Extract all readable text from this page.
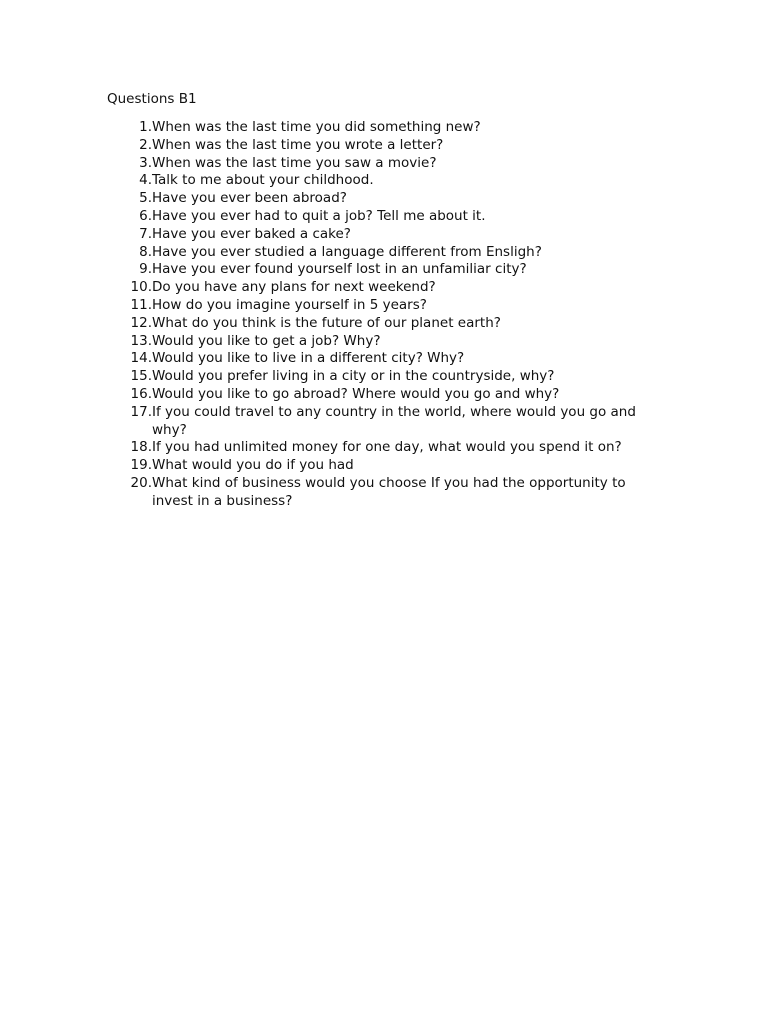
Questions B1
1. When was the last time you did something new?
2. When was the last time you wrote a letter?
3. When was the last time you saw a movie?
4. Talk to me about your childhood.
5. Have you ever been abroad?
6. Have you ever had to quit a job? Tell me about it.
7. Have you ever baked a cake?
8. Have you ever studied a language different from Ensligh?
9. Have you ever found yourself lost in an unfamiliar city?
10. Do you have any plans for next weekend?
11. How do you imagine yourself in 5 years?
12. What do you think is the future of our planet earth?
13. Would you like to get a job? Why?
14. Would you like to live in a different city? Why?
15. Would you prefer living in a city or in the countryside, why?
16. Would you like to go abroad? Where would you go and why?
17. If you could travel to any country in the world, where would you go and why?
18. If you had unlimited money for one day, what would you spend it on?
19. What would you do if you had
20. What kind of business would you choose If you had the opportunity to invest in a business?
